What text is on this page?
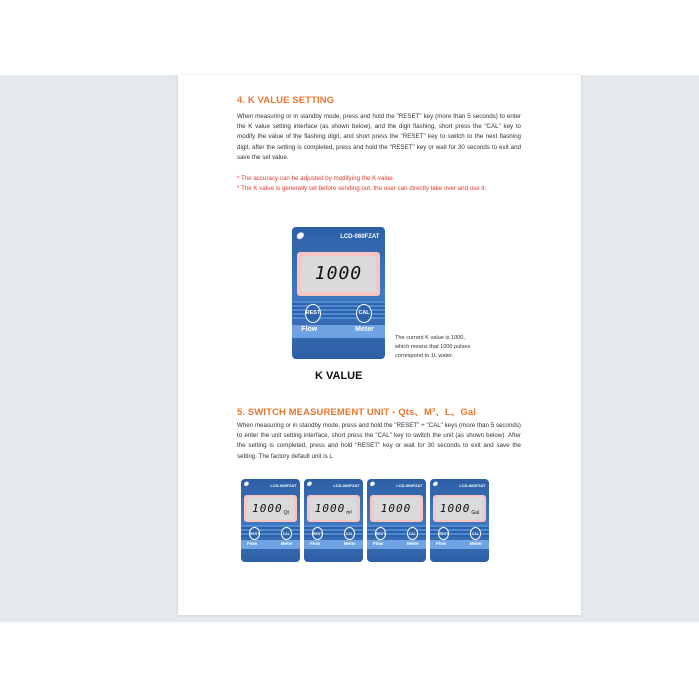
4. K VALUE SETTING

When measuring or in standby mode, press and hold the "RESET" key (more than 5 seconds) to enter the K value setting interface (as shown below), and the digit flashing, short press the "CAL" key to modify the value of the flashing digit, and short press the "RESET" key to switch to the next flashing digit, after the setting is completed, press and hold the "RESET" key or wait for 30 seconds to exit and save the set value.

* The accuracy can be adjusted by modifying the K value.

* The K value is generally set before sending out, the user can directly take over and use it.

✺	LCD-060FZAT
1000
REST	CAL
Flow	Meter

The current K value is 1000, which means that 1000 pulses correspond to 1L water.

K VALUE

5. SWITCH MEASUREMENT UNIT - Qts、M³、L、Gal

When measuring or in standby mode, press and hold the "RESET" + "CAL" keys (more than 5 seconds) to enter the unit setting interface, short press the "CAL" key to switch the unit (as shown below). After the setting is completed, press and hold "RESET" key or wait for 30 seconds to exit and save the setting. The factory default unit is L

✺	LCD-060FZAT
1000 Qt
REST	CAL
Flow	Meter
✺	LCD-060FZAT
1000 m³
REST	CAL
Flow	Meter
✺	LCD-060FZAT
1000
REST	CAL
Flow	Meter
✺	LCD-060FZAT
1000 Gal
REST	CAL
Flow	Meter
